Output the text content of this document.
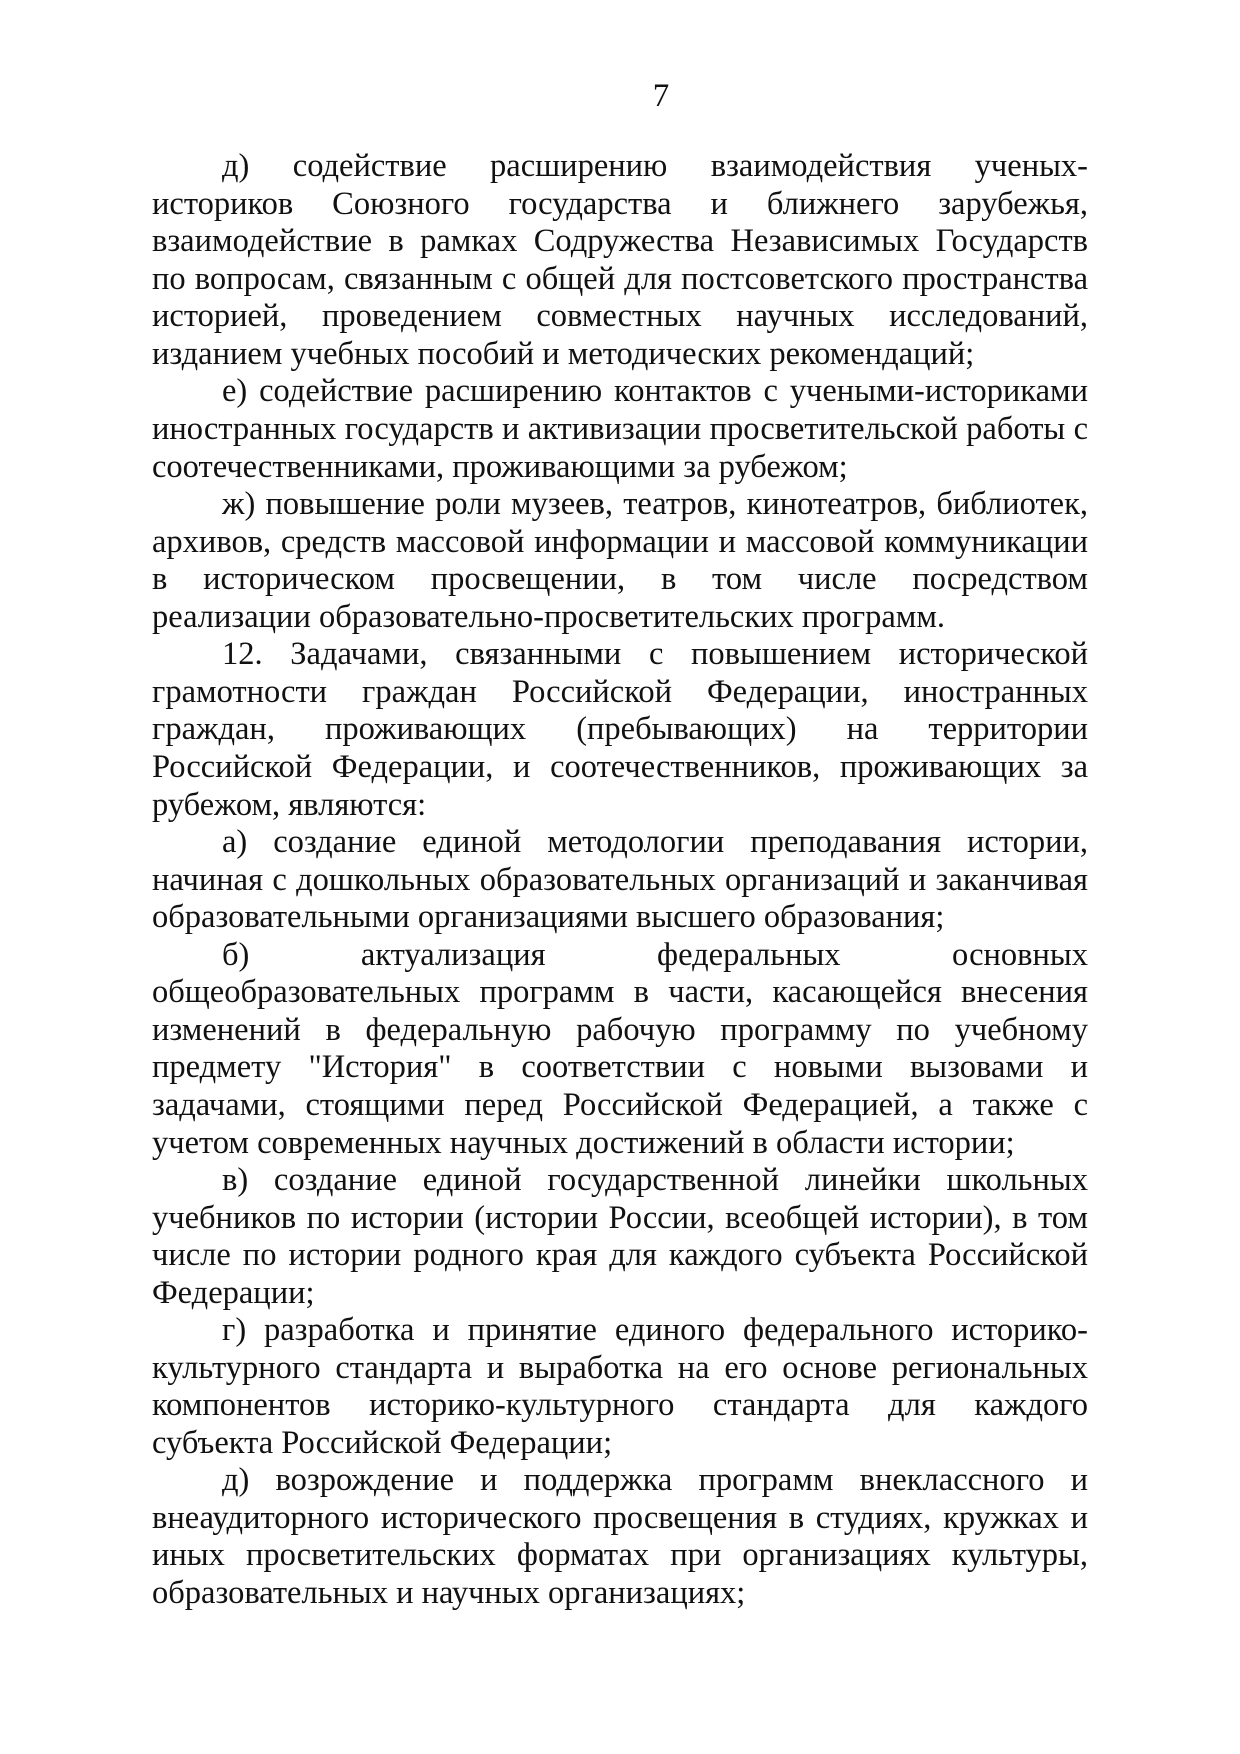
7

д) содействие расширению взаимодействия ученых-историков Союзного государства и ближнего зарубежья, взаимодействие в рамках Содружества Независимых Государств по вопросам, связанным с общей для постсоветского пространства историей, проведением совместных научных исследований, изданием учебных пособий и методических рекомендаций;

е) содействие расширению контактов с учеными-историками иностранных государств и активизации просветительской работы с соотечественниками, проживающими за рубежом;

ж) повышение роли музеев, театров, кинотеатров, библиотек, архивов, средств массовой информации и массовой коммуникации в историческом просвещении, в том числе посредством реализации образовательно-просветительских программ.

12. Задачами, связанными с повышением исторической грамотности граждан Российской Федерации, иностранных граждан, проживающих (пребывающих) на территории Российской Федерации, и соотечественников, проживающих за рубежом, являются:

а) создание единой методологии преподавания истории, начиная с дошкольных образовательных организаций и заканчивая образовательными организациями высшего образования;

б) актуализация федеральных основных общеобразовательных программ в части, касающейся внесения изменений в федеральную рабочую программу по учебному предмету "История" в соответствии с новыми вызовами и задачами, стоящими перед Российской Федерацией, а также с учетом современных научных достижений в области истории;

в) создание единой государственной линейки школьных учебников по истории (истории России, всеобщей истории), в том числе по истории родного края для каждого субъекта Российской Федерации;

г) разработка и принятие единого федерального историко-культурного стандарта и выработка на его основе региональных компонентов историко-культурного стандарта для каждого субъекта Российской Федерации;

д) возрождение и поддержка программ внеклассного и внеаудиторного исторического просвещения в студиях, кружках и иных просветительских форматах при организациях культуры, образовательных и научных организациях;
